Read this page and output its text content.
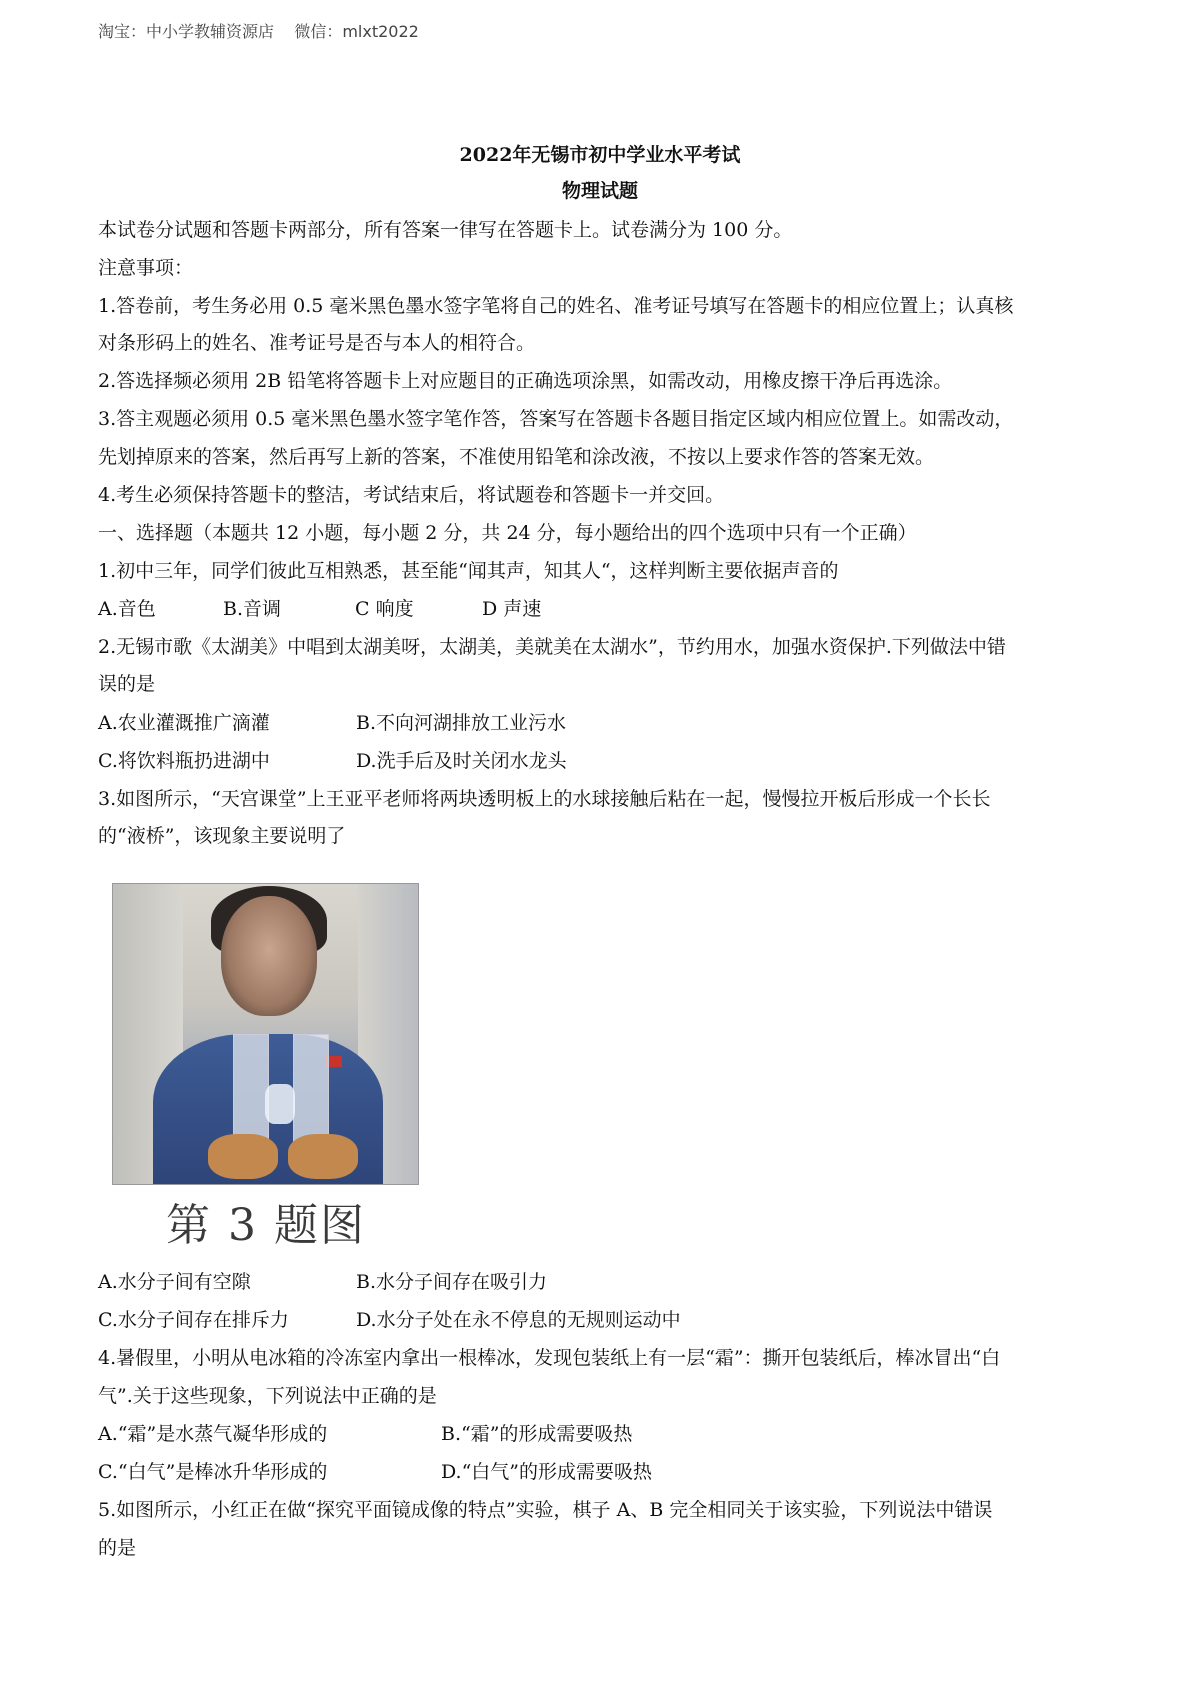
淘宝：中小学教辅资源店    微信：mlxt2022
2022年无锡市初中学业水平考试
物理试题
本试卷分试题和答题卡两部分，所有答案一律写在答题卡上。试卷满分为 100 分。
注意事项：
1.答卷前，考生务必用 0.5 毫米黑色墨水签字笔将自己的姓名、准考证号填写在答题卡的相应位置上；认真核
对条形码上的姓名、准考证号是否与本人的相符合。
2.答选择频必须用 2B 铅笔将答题卡上对应题目的正确选项涂黑，如需改动，用橡皮擦干净后再选涂。
3.答主观题必须用 0.5 毫米黑色墨水签字笔作答，答案写在答题卡各题目指定区域内相应位置上。如需改动，
先划掉原来的答案，然后再写上新的答案，不准使用铅笔和涂改液，不按以上要求作答的答案无效。
4.考生必须保持答题卡的整洁，考试结束后，将试题卷和答题卡一并交回。
一、选择题（本题共 12 小题，每小题 2 分，共 24 分，每小题给出的四个选项中只有一个正确）
1.初中三年，同学们彼此互相熟悉，甚至能“闻其声，知其人“，这样判断主要依据声音的
A.音色	B.音调	C 响度	D 声速
2.无锡市歌《太湖美》中唱到太湖美呀，太湖美，美就美在太湖水”，节约用水，加强水资保护.下列做法中错
误的是
A.农业灌溉推广滴灌	B.不向河湖排放工业污水
C.将饮料瓶扔进湖中	D.洗手后及时关闭水龙头
3.如图所示，“天宫课堂”上王亚平老师将两块透明板上的水球接触后粘在一起，慢慢拉开板后形成一个长长
的“液桥”，该现象主要说明了
第 3 题图
A.水分子间有空隙	B.水分子间存在吸引力
C.水分子间存在排斥力	D.水分子处在永不停息的无规则运动中
4.暑假里，小明从电冰箱的冷冻室内拿出一根棒冰，发现包装纸上有一层“霜”：撕开包装纸后，棒冰冒出“白
气”.关于这些现象，下列说法中正确的是
A.“霜”是水蒸气凝华形成的	B.“霜”的形成需要吸热
C.“白气”是棒冰升华形成的	D.“白气”的形成需要吸热
5.如图所示，小红正在做“探究平面镜成像的特点”实验，棋子 A、B 完全相同关于该实验，下列说法中错误
的是
